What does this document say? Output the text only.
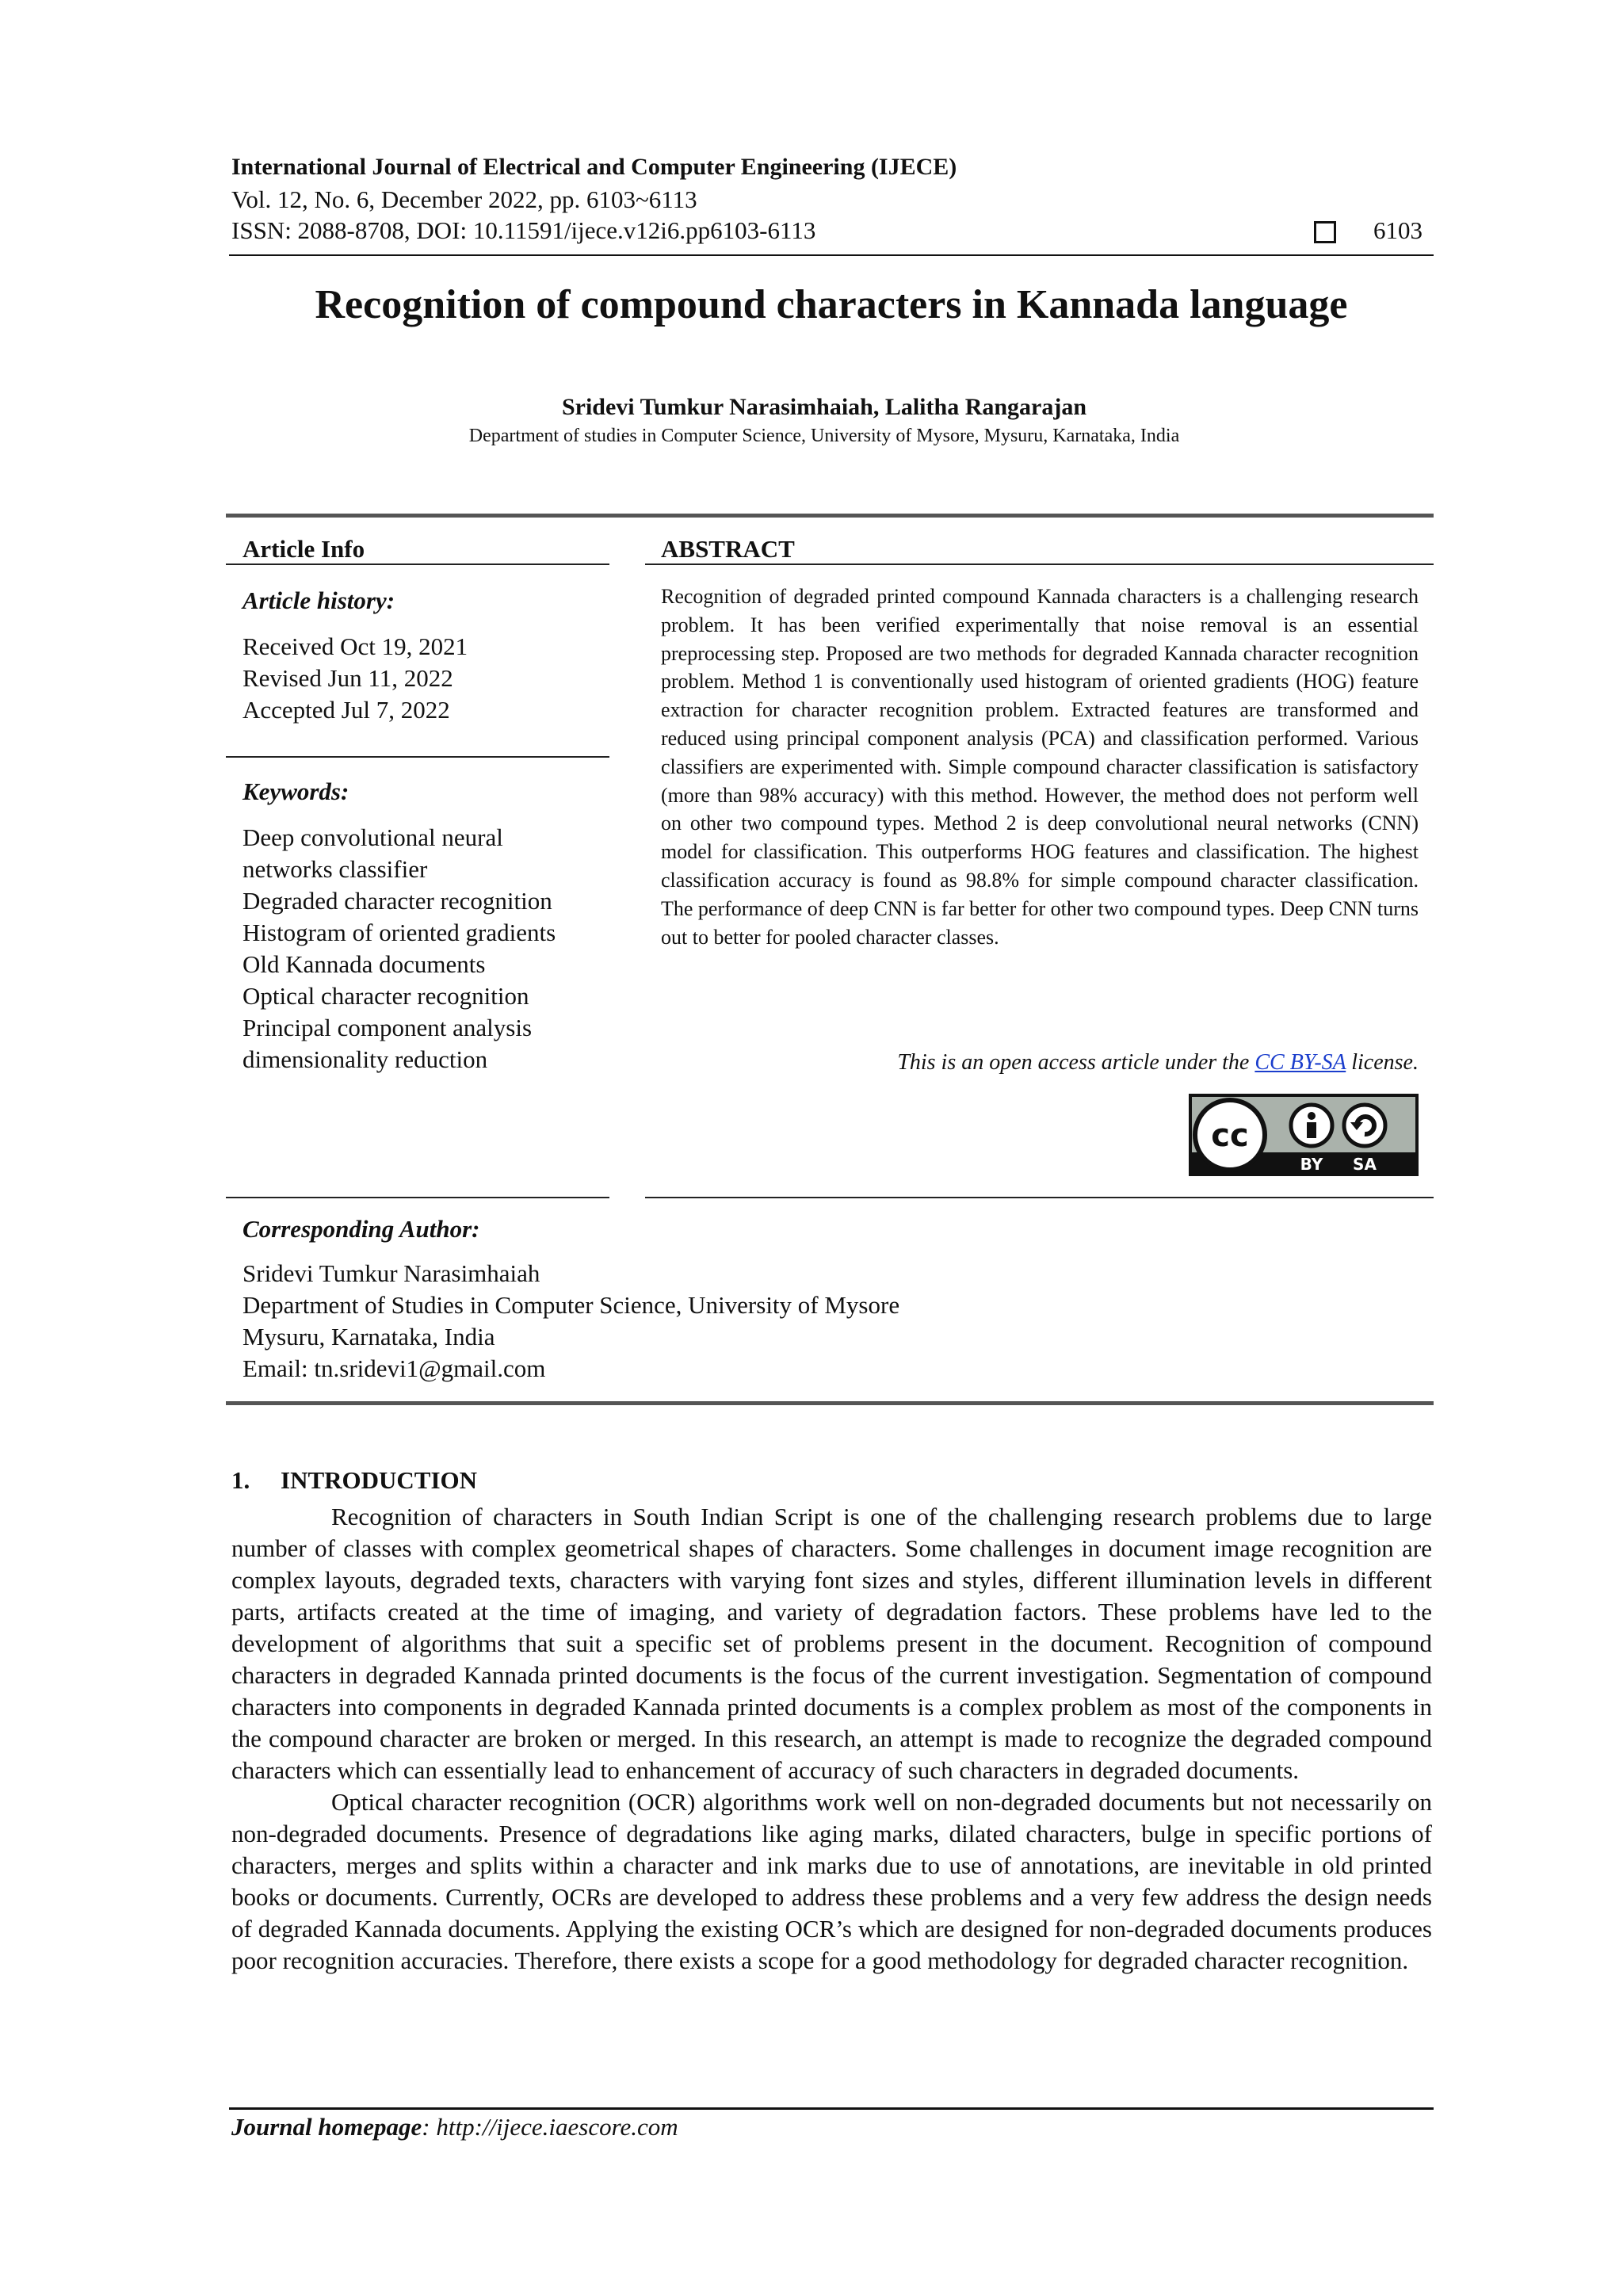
International Journal of Electrical and Computer Engineering (IJECE)
Vol. 12, No. 6, December 2022, pp. 6103~6113
ISSN: 2088-8708, DOI: 10.11591/ijece.v12i6.pp6103-6113	6103
Recognition of compound characters in Kannada language
Sridevi Tumkur Narasimhaiah, Lalitha Rangarajan
Department of studies in Computer Science, University of Mysore, Mysuru, Karnataka, India
Article Info
Article history:
Received Oct 19, 2021
Revised Jun 11, 2022
Accepted Jul 7, 2022
Keywords:
Deep convolutional neural
networks classifier
Degraded character recognition
Histogram of oriented gradients
Old Kannada documents
Optical character recognition
Principal component analysis
dimensionality reduction
ABSTRACT
Recognition of degraded printed compound Kannada characters is a challenging research problem. It has been verified experimentally that noise removal is an essential preprocessing step. Proposed are two methods for degraded Kannada character recognition problem. Method 1 is conventionally used histogram of oriented gradients (HOG) feature extraction for character recognition problem. Extracted features are transformed and reduced using principal component analysis (PCA) and classification performed. Various classifiers are experimented with. Simple compound character classification is satisfactory (more than 98% accuracy) with this method. However, the method does not perform well on other two compound types. Method 2 is deep convolutional neural networks (CNN) model for classification. This outperforms HOG features and classification. The highest classification accuracy is found as 98.8% for simple compound character classification. The performance of deep CNN is far better for other two compound types. Deep CNN turns out to better for pooled character classes.
This is an open access article under the CC BY-SA license.
cc
BY SA
Corresponding Author:
Sridevi Tumkur Narasimhaiah
Department of Studies in Computer Science, University of Mysore
Mysuru, Karnataka, India
Email: tn.sridevi1@gmail.com
1.     INTRODUCTION

Recognition of characters in South Indian Script is one of the challenging research problems due to large number of classes with complex geometrical shapes of characters. Some challenges in document image recognition are complex layouts, degraded texts, characters with varying font sizes and styles, different illumination levels in different parts, artifacts created at the time of imaging, and variety of degradation factors. These problems have led to the development of algorithms that suit a specific set of problems present in the document. Recognition of compound characters in degraded Kannada printed documents is the focus of the current investigation. Segmentation of compound characters into components in degraded Kannada printed documents is a complex problem as most of the components in the compound character are broken or merged. In this research, an attempt is made to recognize the degraded compound characters which can essentially lead to enhancement of accuracy of such characters in degraded documents.

Optical character recognition (OCR) algorithms work well on non-degraded documents but not necessarily on non-degraded documents. Presence of degradations like aging marks, dilated characters, bulge in specific portions of characters, merges and splits within a character and ink marks due to use of annotations, are inevitable in old printed books or documents. Currently, OCRs are developed to address these problems and a very few address the design needs of degraded Kannada documents. Applying the existing OCR’s which are designed for non-degraded documents produces poor recognition accuracies. Therefore, there exists a scope for a good methodology for degraded character recognition.

Journal homepage: http://ijece.iaescore.com
